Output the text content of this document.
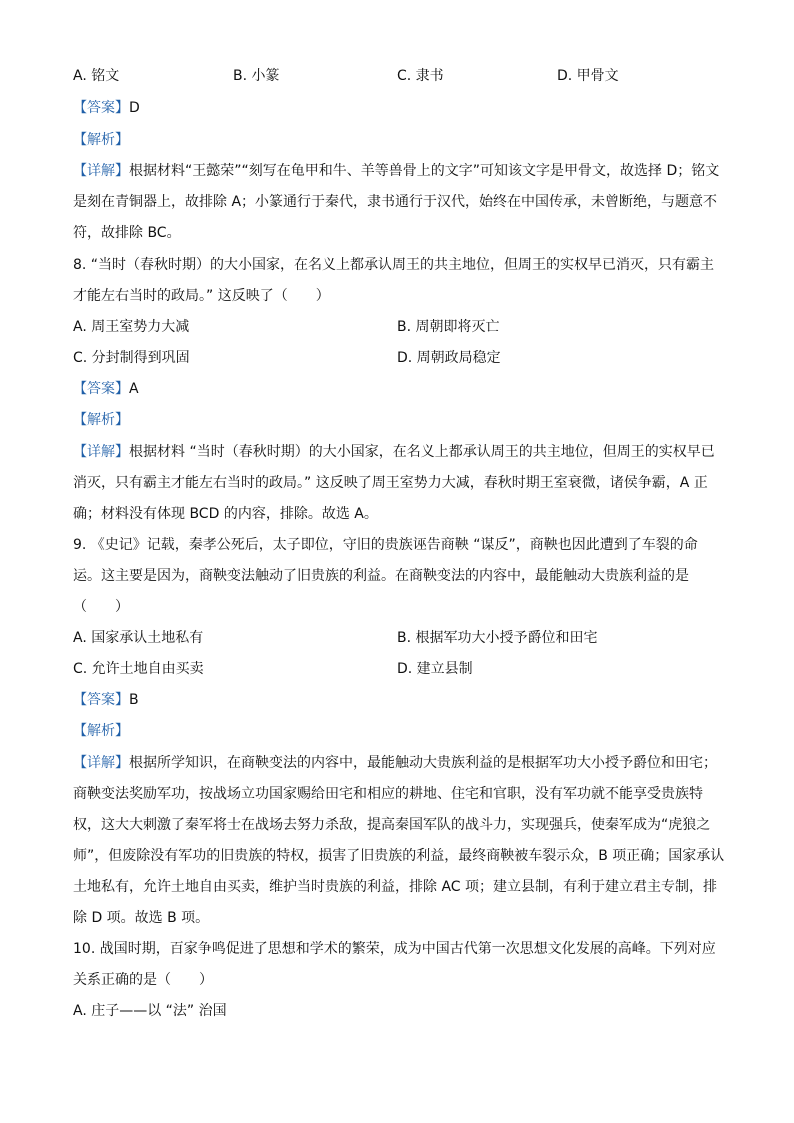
A. 铭文	B. 小篆	C. 隶书	D. 甲骨文
【答案】D
【解析】
【详解】根据材料“王懿荣”“刻写在龟甲和牛、羊等兽骨上的文字”可知该文字是甲骨文，故选择 D；铭文
是刻在青铜器上，故排除 A；小篆通行于秦代，隶书通行于汉代，始终在中国传承，未曾断绝，与题意不
符，故排除 BC。
8. “当时（春秋时期）的大小国家，在名义上都承认周王的共主地位，但周王的实权早已消灭，只有霸主
才能左右当时的政局。” 这反映了（　　）
A. 周王室势力大减	B. 周朝即将灭亡
C. 分封制得到巩固	D. 周朝政局稳定
【答案】A
【解析】
【详解】根据材料 “当时（春秋时期）的大小国家，在名义上都承认周王的共主地位，但周王的实权早已
消灭，只有霸主才能左右当时的政局。” 这反映了周王室势力大减，春秋时期王室衰微，诸侯争霸，A 正
确；材料没有体现 BCD 的内容，排除。故选 A。
9. 《史记》记载，秦孝公死后，太子即位，守旧的贵族诬告商鞅 “谋反”，商鞅也因此遭到了车裂的命
运。这主要是因为，商鞅变法触动了旧贵族的利益。在商鞅变法的内容中，最能触动大贵族利益的是
（　　）
A. 国家承认土地私有	B. 根据军功大小授予爵位和田宅
C. 允许土地自由买卖	D. 建立县制
【答案】B
【解析】
【详解】根据所学知识，在商鞅变法的内容中，最能触动大贵族利益的是根据军功大小授予爵位和田宅；
商鞅变法奖励军功，按战场立功国家赐给田宅和相应的耕地、住宅和官职，没有军功就不能享受贵族特
权，这大大刺激了秦军将士在战场去努力杀敌，提高秦国军队的战斗力，实现强兵，使秦军成为“虎狼之
师”，但废除没有军功的旧贵族的特权，损害了旧贵族的利益，最终商鞅被车裂示众，B 项正确；国家承认
土地私有，允许土地自由买卖，维护当时贵族的利益，排除 AC 项；建立县制，有利于建立君主专制，排
除 D 项。故选 B 项。
10. 战国时期，百家争鸣促进了思想和学术的繁荣，成为中国古代第一次思想文化发展的高峰。下列对应
关系正确的是（　　）
A. 庄子——以 “法” 治国
